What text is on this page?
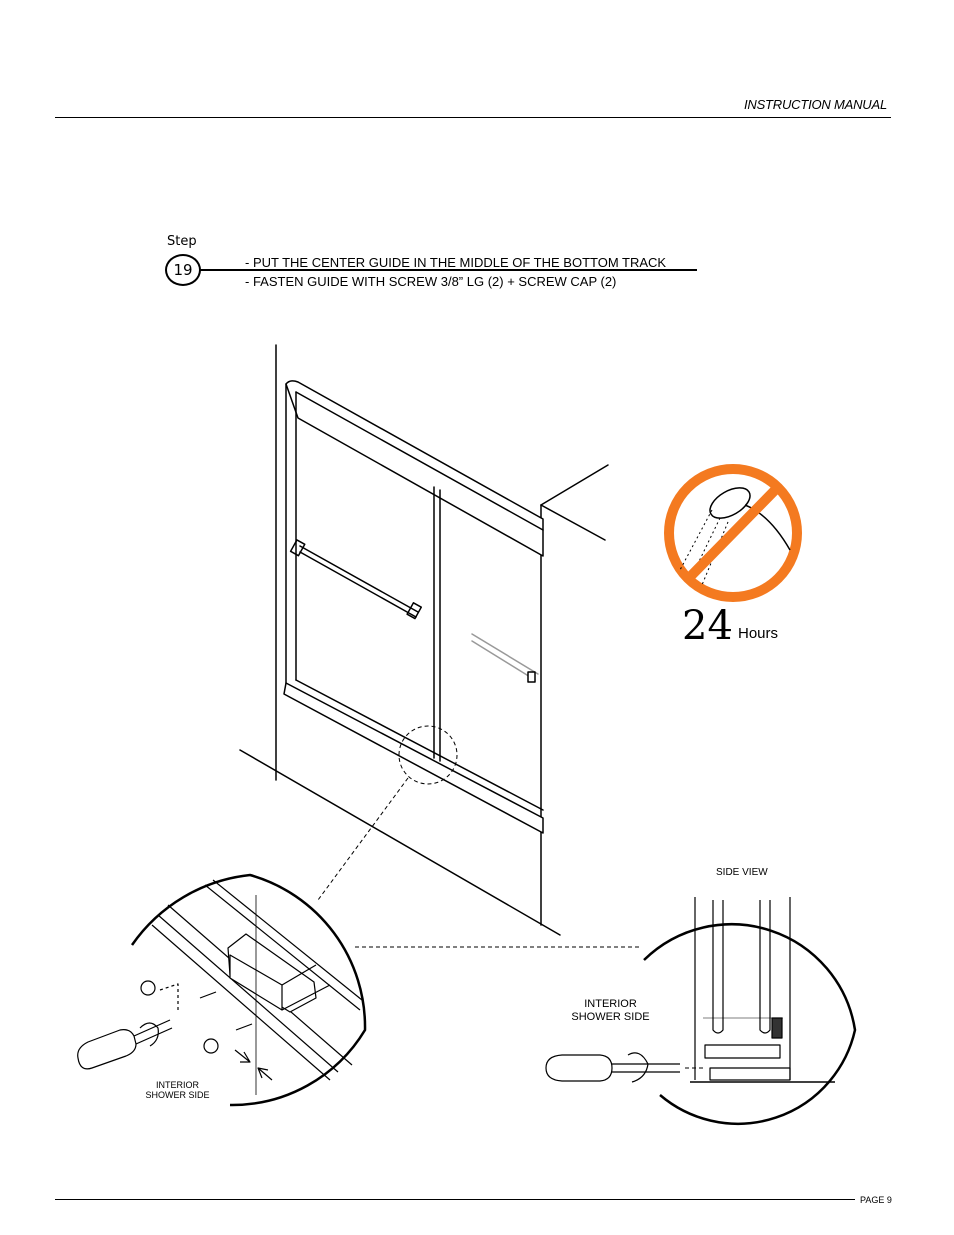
INSTRUCTION MANUAL
Step
19	- PUT THE CENTER GUIDE IN THE MIDDLE OF THE BOTTOM TRACK
- FASTEN GUIDE WITH SCREW 3/8” LG (2) + SCREW CAP (2)
24 Hours
SIDE VIEW
INTERIOR
SHOWER SIDE
INTERIOR
SHOWER SIDE
PAGE 9
